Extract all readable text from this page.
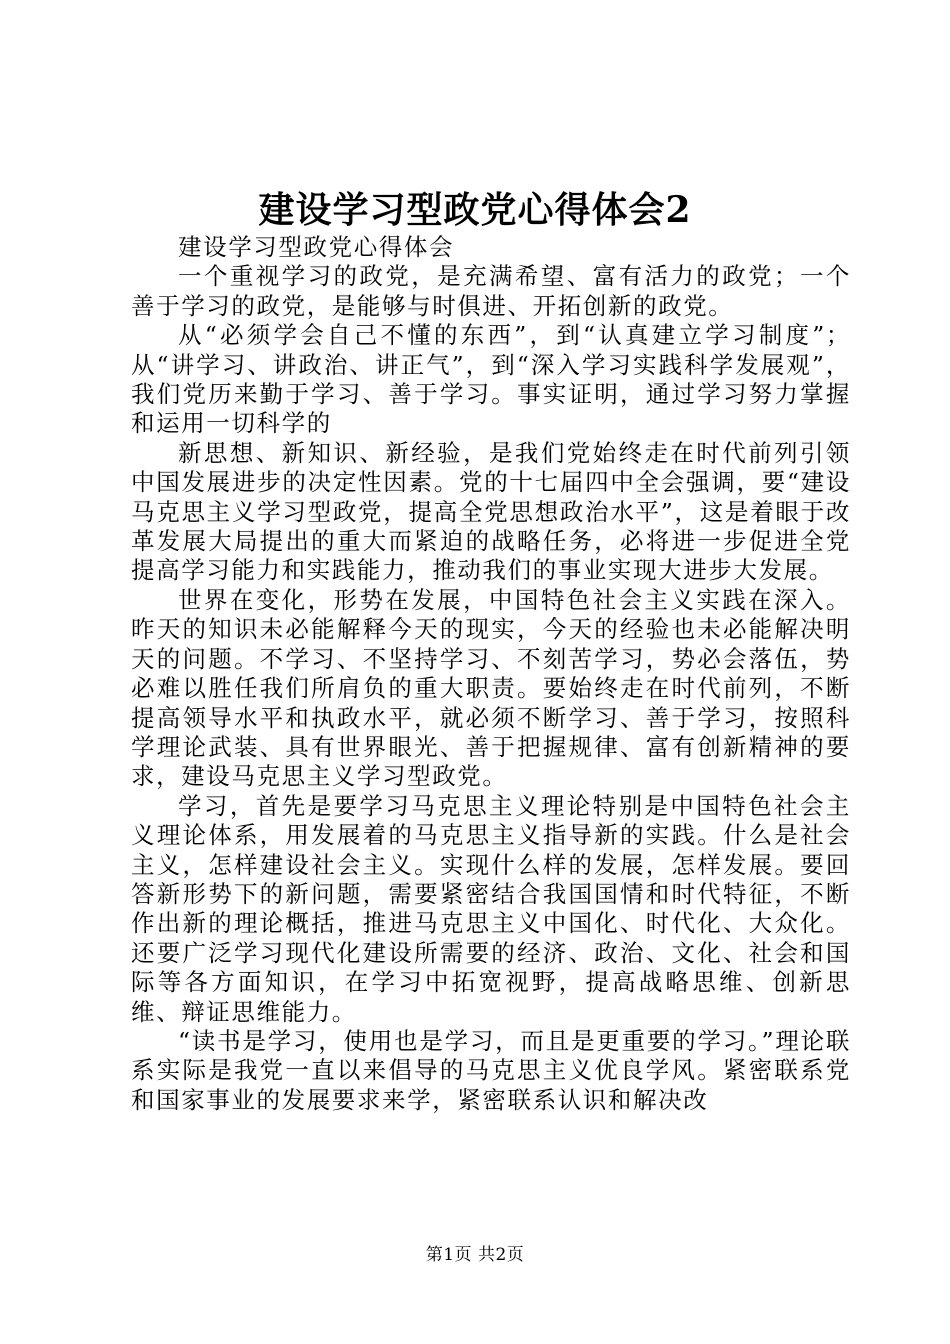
建设学习型政党心得体会2

建设学习型政党心得体会

一个重视学习的政党，是充满希望、富有活力的政党；一个善于学习的政党，是能够与时俱进、开拓创新的政党。

从“必须学会自己不懂的东西”，到“认真建立学习制度”；从“讲学习、讲政治、讲正气”，到“深入学习实践科学发展观”，我们党历来勤于学习、善于学习。事实证明，通过学习努力掌握和运用一切科学的

新思想、新知识、新经验，是我们党始终走在时代前列引领中国发展进步的决定性因素。党的十七届四中全会强调，要“建设马克思主义学习型政党，提高全党思想政治水平”，这是着眼于改革发展大局提出的重大而紧迫的战略任务，必将进一步促进全党提高学习能力和实践能力，推动我们的事业实现大进步大发展。

世界在变化，形势在发展，中国特色社会主义实践在深入。昨天的知识未必能解释今天的现实，今天的经验也未必能解决明天的问题。不学习、不坚持学习、不刻苦学习，势必会落伍，势必难以胜任我们所肩负的重大职责。要始终走在时代前列，不断提高领导水平和执政水平，就必须不断学习、善于学习，按照科学理论武装、具有世界眼光、善于把握规律、富有创新精神的要求，建设马克思主义学习型政党。

学习，首先是要学习马克思主义理论特别是中国特色社会主义理论体系，用发展着的马克思主义指导新的实践。什么是社会主义，怎样建设社会主义。实现什么样的发展，怎样发展。要回答新形势下的新问题，需要紧密结合我国国情和时代特征，不断作出新的理论概括，推进马克思主义中国化、时代化、大众化。还要广泛学习现代化建设所需要的经济、政治、文化、社会和国际等各方面知识，在学习中拓宽视野，提高战略思维、创新思维、辩证思维能力。

“读书是学习，使用也是学习，而且是更重要的学习。”理论联系实际是我党一直以来倡导的马克思主义优良学风。紧密联系党和国家事业的发展要求来学，紧密联系认识和解决改

第1页 共2页
